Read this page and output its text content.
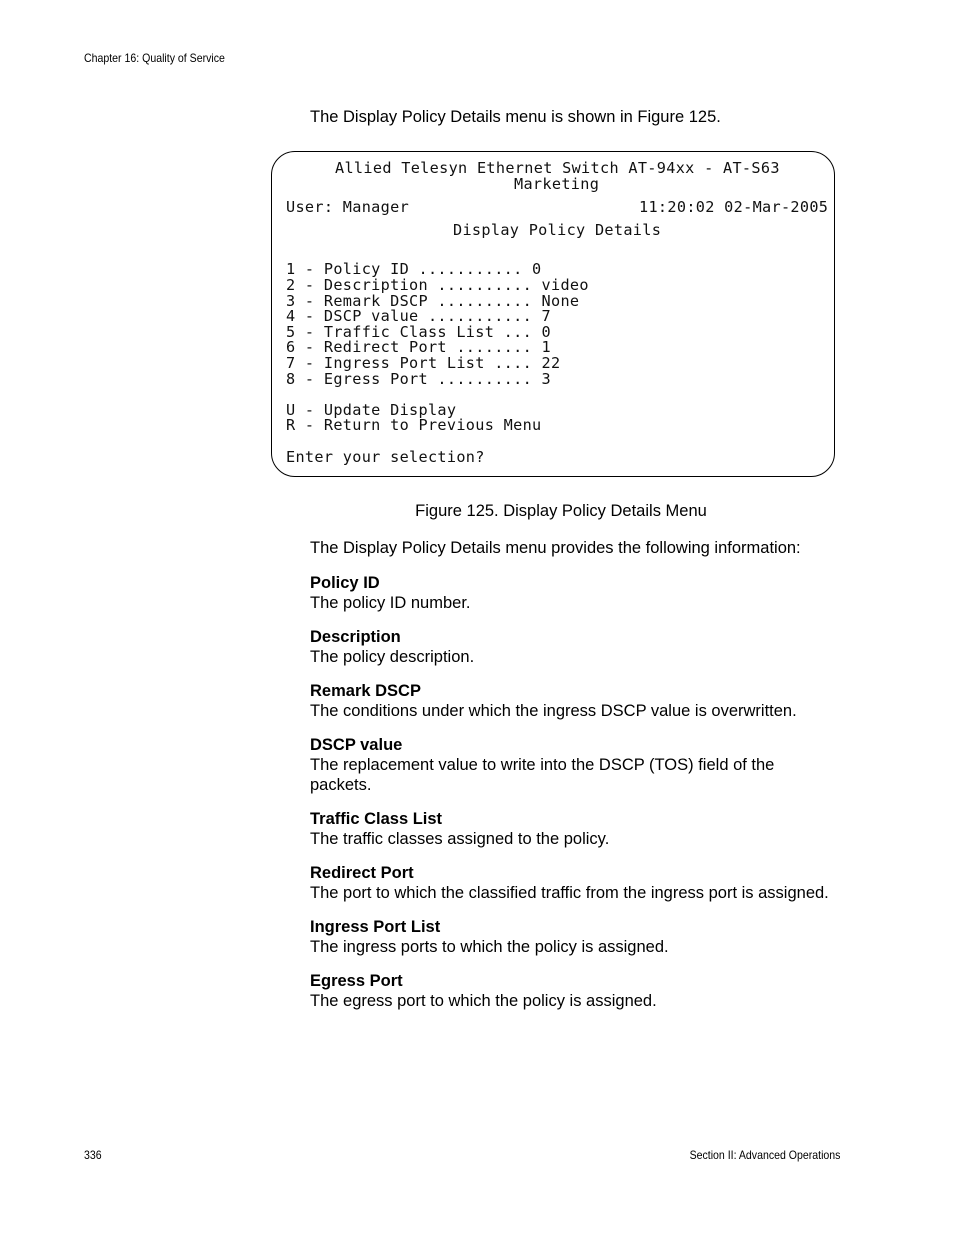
Chapter 16: Quality of Service
The Display Policy Details menu is shown in Figure 125.
Allied Telesyn Ethernet Switch AT-94xx - AT-S63
Marketing
User: Manager	11:20:02 02-Mar-2005
Display Policy Details
1 - Policy ID ........... 0
2 - Description .......... video
3 - Remark DSCP .......... None
4 - DSCP value ........... 7
5 - Traffic Class List ... 0
6 - Redirect Port ........ 1
7 - Ingress Port List .... 22
8 - Egress Port .......... 3
U - Update Display
R - Return to Previous Menu
Enter your selection?
Figure 125. Display Policy Details Menu
The Display Policy Details menu provides the following information:
Policy ID
The policy ID number.
Description
The policy description.
Remark DSCP
The conditions under which the ingress DSCP value is overwritten.
DSCP value
The replacement value to write into the DSCP (TOS) field of the packets.
Traffic Class List
The traffic classes assigned to the policy.
Redirect Port
The port to which the classified traffic from the ingress port is assigned.
Ingress Port List
The ingress ports to which the policy is assigned.
Egress Port
The egress port to which the policy is assigned.
336	Section II: Advanced Operations
